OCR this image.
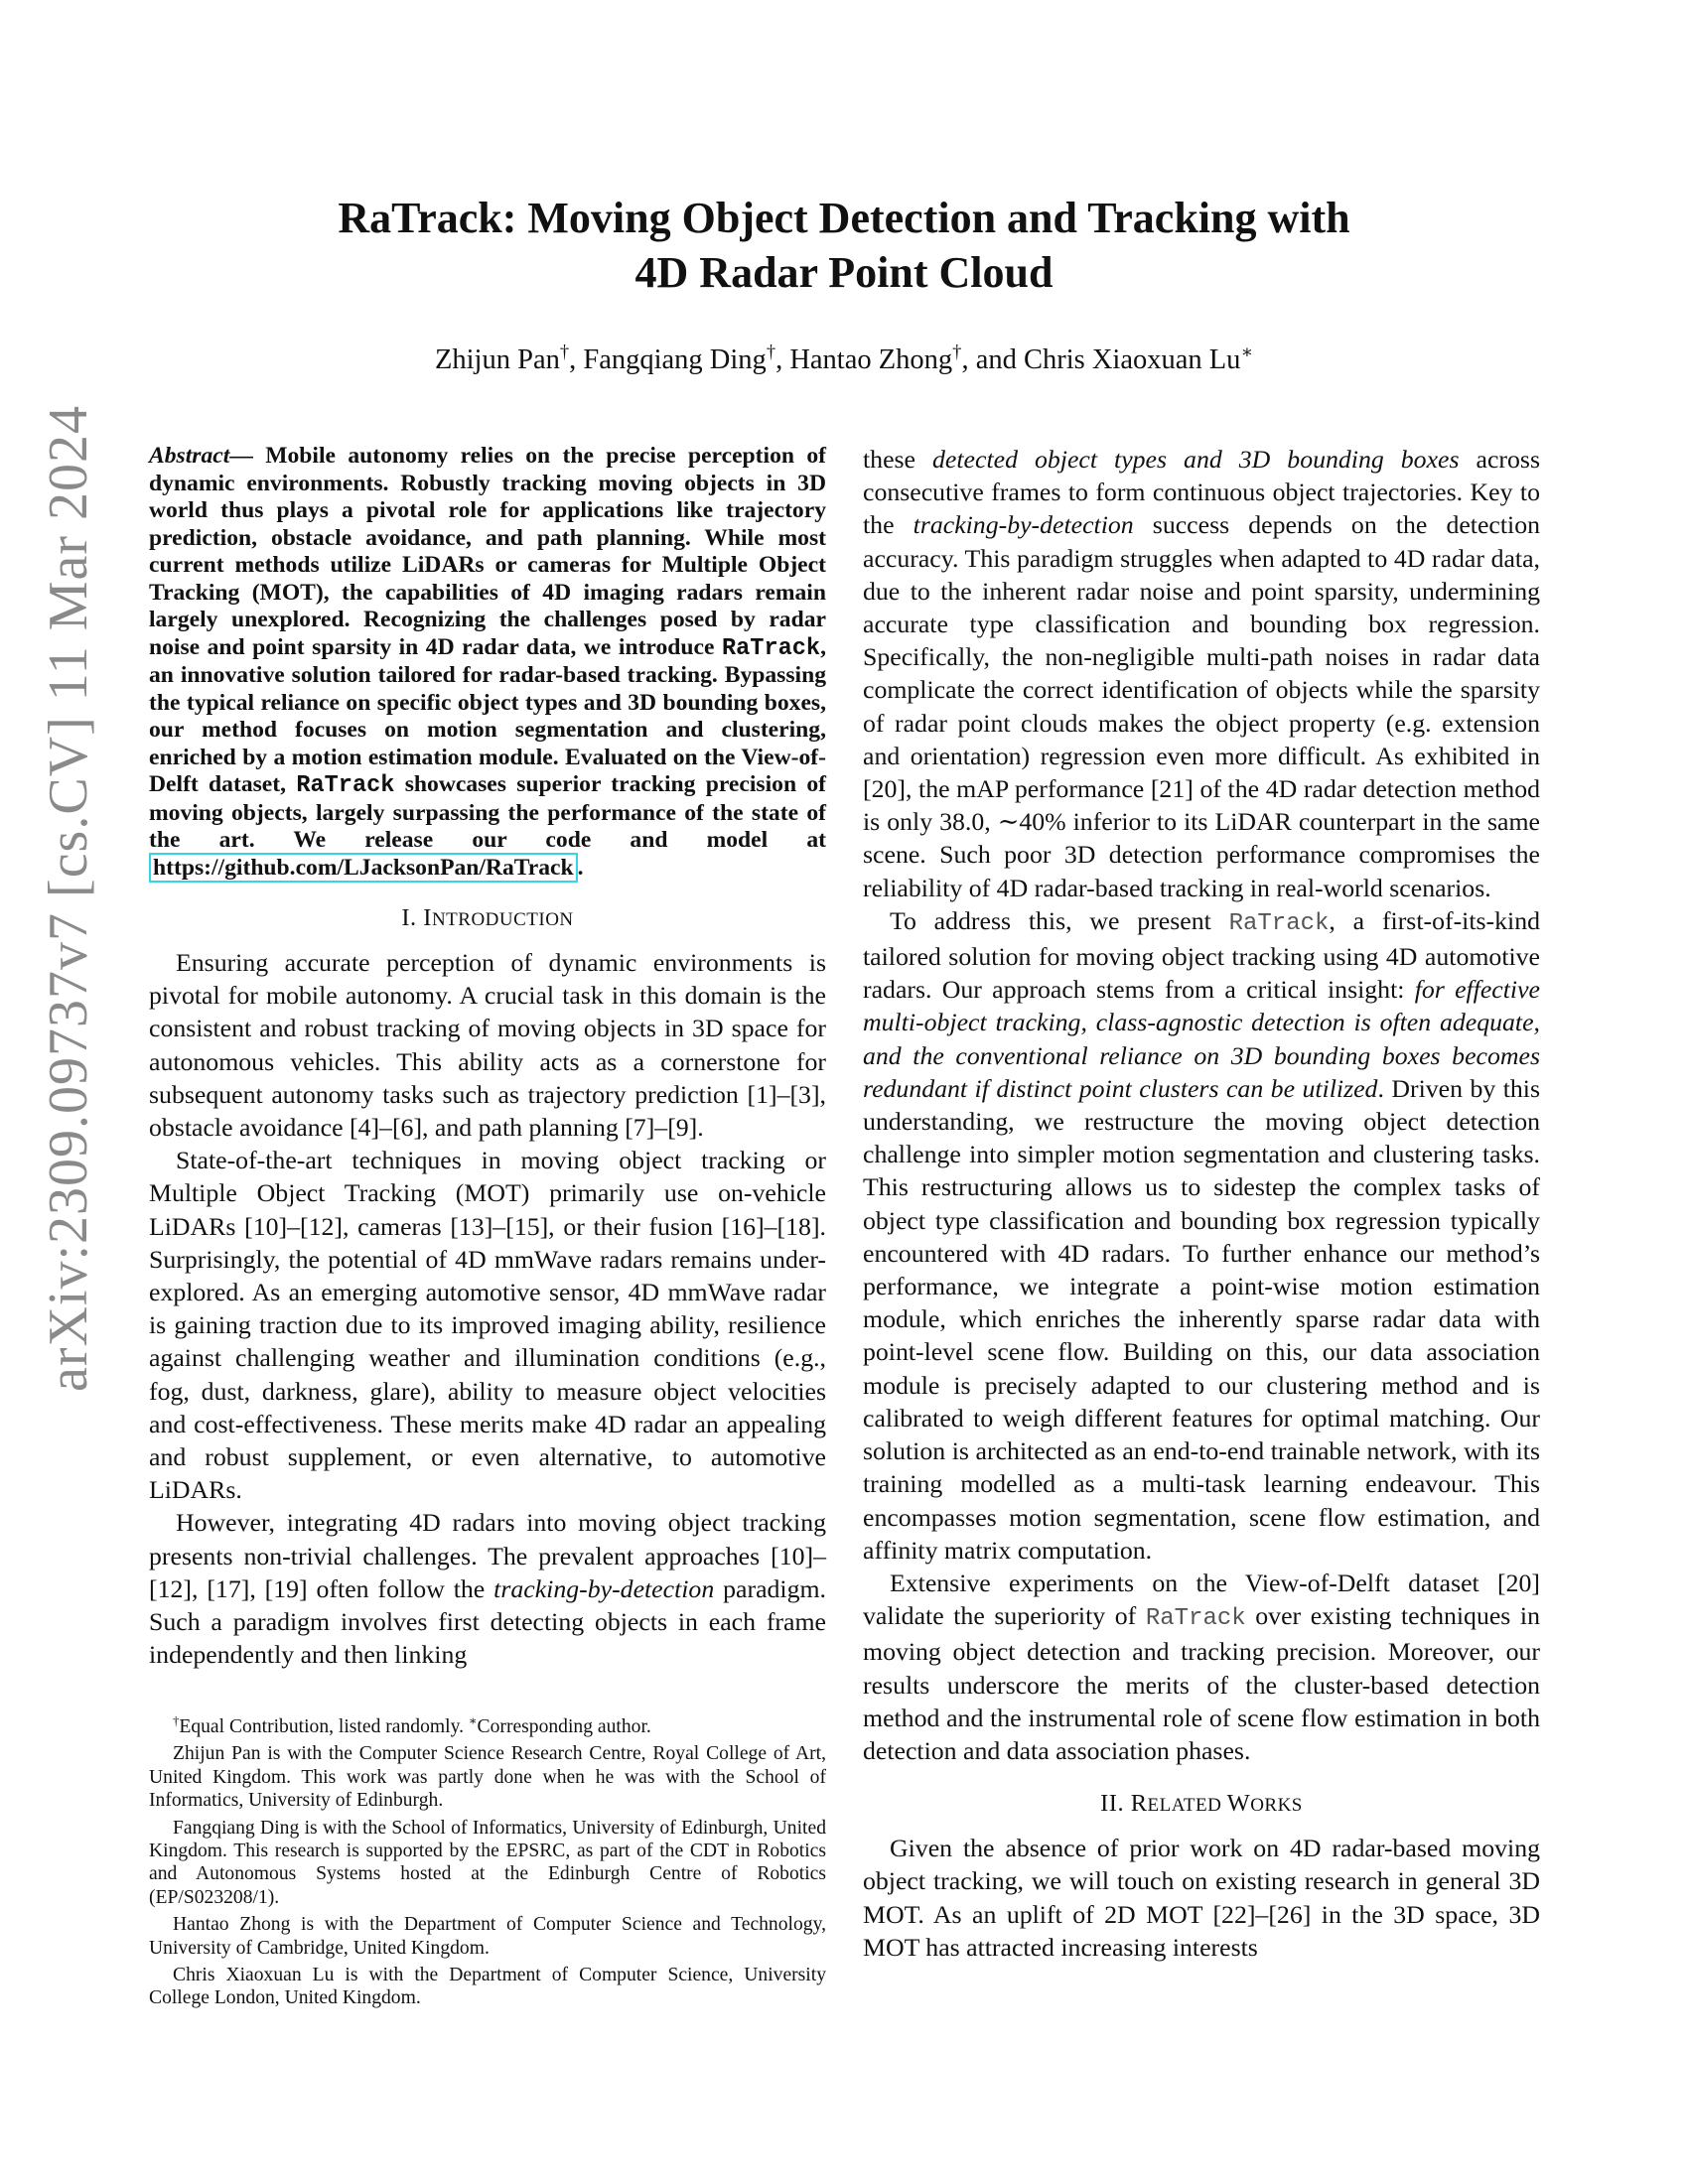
arXiv:2309.09737v7 [cs.CV] 11 Mar 2024
RaTrack: Moving Object Detection and Tracking with
4D Radar Point Cloud
Zhijun Pan†, Fangqiang Ding†, Hantao Zhong†, and Chris Xiaoxuan Lu∗

Abstract— Mobile autonomy relies on the precise perception of dynamic environments. Robustly tracking moving objects in 3D world thus plays a pivotal role for applications like trajectory prediction, obstacle avoidance, and path planning. While most current methods utilize LiDARs or cameras for Multiple Object Tracking (MOT), the capabilities of 4D imaging radars remain largely unexplored. Recognizing the challenges posed by radar noise and point sparsity in 4D radar data, we introduce RaTrack, an innovative solution tailored for radar-based tracking. Bypassing the typical reliance on specific object types and 3D bounding boxes, our method focuses on motion segmentation and clustering, enriched by a motion estimation module. Evaluated on the View-of-Delft dataset, RaTrack showcases superior tracking precision of moving objects, largely surpassing the performance of the state of the art. We release our code and model at https://github.com/LJacksonPan/RaTrack .

I. INTRODUCTION

Ensuring accurate perception of dynamic environments is pivotal for mobile autonomy. A crucial task in this domain is the consistent and robust tracking of moving objects in 3D space for autonomous vehicles. This ability acts as a cornerstone for subsequent autonomy tasks such as trajectory prediction [1]–[3], obstacle avoidance [4]–[6], and path planning [7]–[9].

State-of-the-art techniques in moving object tracking or Multiple Object Tracking (MOT) primarily use on-vehicle LiDARs [10]–[12], cameras [13]–[15], or their fusion [16]–[18]. Surprisingly, the potential of 4D mmWave radars remains under-explored. As an emerging automotive sensor, 4D mmWave radar is gaining traction due to its improved imaging ability, resilience against challenging weather and illumination conditions (e.g., fog, dust, darkness, glare), ability to measure object velocities and cost-effectiveness. These merits make 4D radar an appealing and robust supplement, or even alternative, to automotive LiDARs.

However, integrating 4D radars into moving object tracking presents non-trivial challenges. The prevalent approaches [10]–[12], [17], [19] often follow the tracking-by-detection paradigm. Such a paradigm involves first detecting objects in each frame independently and then linking

†Equal Contribution, listed randomly. ∗Corresponding author.
Zhijun Pan is with the Computer Science Research Centre, Royal College of Art, United Kingdom. This work was partly done when he was with the School of Informatics, University of Edinburgh.
Fangqiang Ding is with the School of Informatics, University of Edinburgh, United Kingdom. This research is supported by the EPSRC, as part of the CDT in Robotics and Autonomous Systems hosted at the Edinburgh Centre of Robotics (EP/S023208/1).
Hantao Zhong is with the Department of Computer Science and Technology, University of Cambridge, United Kingdom.
Chris Xiaoxuan Lu is with the Department of Computer Science, University College London, United Kingdom.

these detected object types and 3D bounding boxes across consecutive frames to form continuous object trajectories. Key to the tracking-by-detection success depends on the detection accuracy. This paradigm struggles when adapted to 4D radar data, due to the inherent radar noise and point sparsity, undermining accurate type classification and bounding box regression. Specifically, the non-negligible multi-path noises in radar data complicate the correct identification of objects while the sparsity of radar point clouds makes the object property (e.g. extension and orientation) regression even more difficult. As exhibited in [20], the mAP performance [21] of the 4D radar detection method is only 38.0, ∼40% inferior to its LiDAR counterpart in the same scene. Such poor 3D detection performance compromises the reliability of 4D radar-based tracking in real-world scenarios.

To address this, we present RaTrack, a first-of-its-kind tailored solution for moving object tracking using 4D automotive radars. Our approach stems from a critical insight: for effective multi-object tracking, class-agnostic detection is often adequate, and the conventional reliance on 3D bounding boxes becomes redundant if distinct point clusters can be utilized. Driven by this understanding, we restructure the moving object detection challenge into simpler motion segmentation and clustering tasks. This restructuring allows us to sidestep the complex tasks of object type classification and bounding box regression typically encountered with 4D radars. To further enhance our method’s performance, we integrate a point-wise motion estimation module, which enriches the inherently sparse radar data with point-level scene flow. Building on this, our data association module is precisely adapted to our clustering method and is calibrated to weigh different features for optimal matching. Our solution is architected as an end-to-end trainable network, with its training modelled as a multi-task learning endeavour. This encompasses motion segmentation, scene flow estimation, and affinity matrix computation.

Extensive experiments on the View-of-Delft dataset [20] validate the superiority of RaTrack over existing techniques in moving object detection and tracking precision. Moreover, our results underscore the merits of the cluster-based detection method and the instrumental role of scene flow estimation in both detection and data association phases.

II. RELATED WORKS

Given the absence of prior work on 4D radar-based moving object tracking, we will touch on existing research in general 3D MOT. As an uplift of 2D MOT [22]–[26] in the 3D space, 3D MOT has attracted increasing interests
